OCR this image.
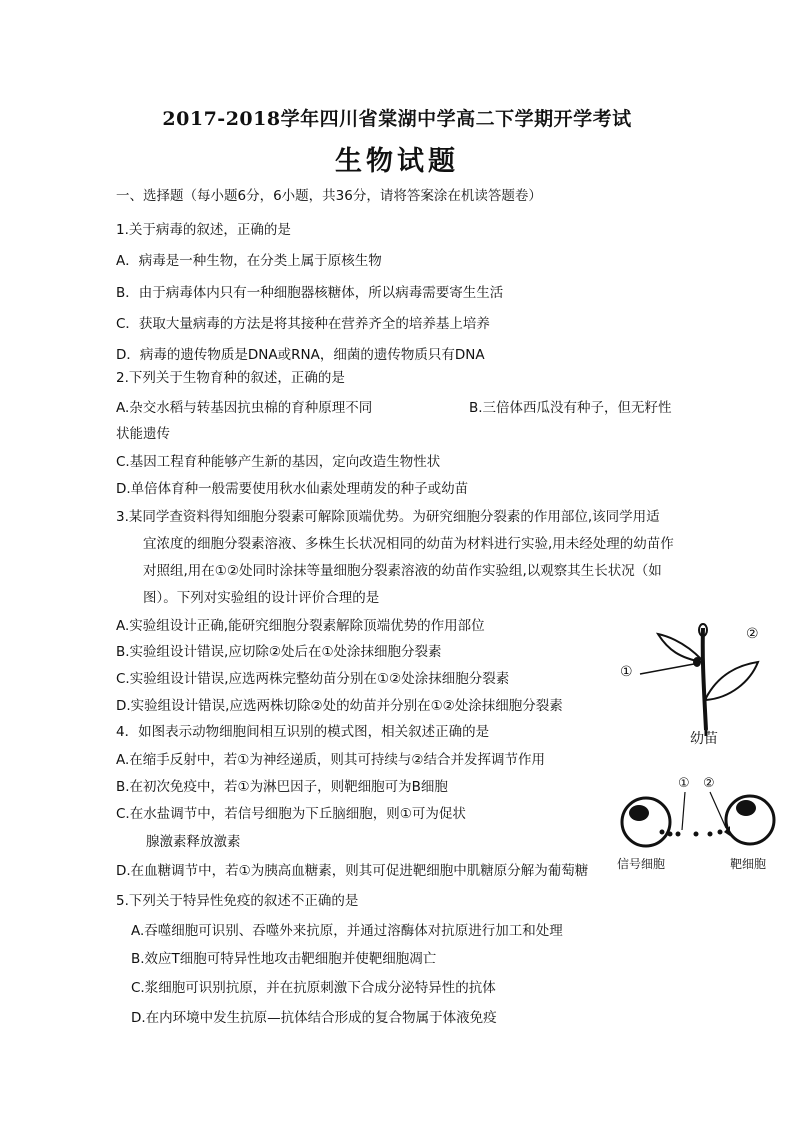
2017-2018学年四川省棠湖中学高二下学期开学考试
生物试题
一、选择题（每小题6分，6小题，共36分，请将答案涂在机读答题卷）
1.关于病毒的叙述，正确的是
A．病毒是一种生物，在分类上属于原核生物
B．由于病毒体内只有一种细胞器核糖体，所以病毒需要寄生生活
C．获取大量病毒的方法是将其接种在营养齐全的培养基上培养
D．病毒的遗传物质是DNA或RNA，细菌的遗传物质只有DNA
2.下列关于生物育种的叙述，正确的是
A.杂交水稻与转基因抗虫棉的育种原理不同	B.三倍体西瓜没有种子，但无籽性
状能遗传
C.基因工程育种能够产生新的基因，定向改造生物性状
D.单倍体育种一般需要使用秋水仙素处理萌发的种子或幼苗
3.某同学查资料得知细胞分裂素可解除顶端优势。为研究细胞分裂素的作用部位,该同学用适
宜浓度的细胞分裂素溶液、多株生长状况相同的幼苗为材料进行实验,用未经处理的幼苗作
对照组,用在①②处同时涂抹等量细胞分裂素溶液的幼苗作实验组,以观察其生长状况（如
图）。下列对实验组的设计评价合理的是
A.实验组设计正确,能研究细胞分裂素解除顶端优势的作用部位
B.实验组设计错误,应切除②处后在①处涂抹细胞分裂素
C.实验组设计错误,应选两株完整幼苗分别在①②处涂抹细胞分裂素
D.实验组设计错误,应选两株切除②处的幼苗并分别在①②处涂抹细胞分裂素
①
②
幼苗
4．如图表示动物细胞间相互识别的模式图，相关叙述正确的是
A.在缩手反射中，若①为神经递质，则其可持续与②结合并发挥调节作用
B.在初次免疫中，若①为淋巴因子，则靶细胞可为B细胞
C.在水盐调节中，若信号细胞为下丘脑细胞，则①可为促状
腺激素释放激素
D.在血糖调节中，若①为胰高血糖素，则其可促进靶细胞中肌糖原分解为葡萄糖
① ②
信号细胞	靶细胞
5.下列关于特异性免疫的叙述不正确的是
A.吞噬细胞可识别、吞噬外来抗原，并通过溶酶体对抗原进行加工和处理
B.效应T细胞可特异性地攻击靶细胞并使靶细胞凋亡
C.浆细胞可识别抗原，并在抗原刺激下合成分泌特异性的抗体
D.在内环境中发生抗原—抗体结合形成的复合物属于体液免疫
